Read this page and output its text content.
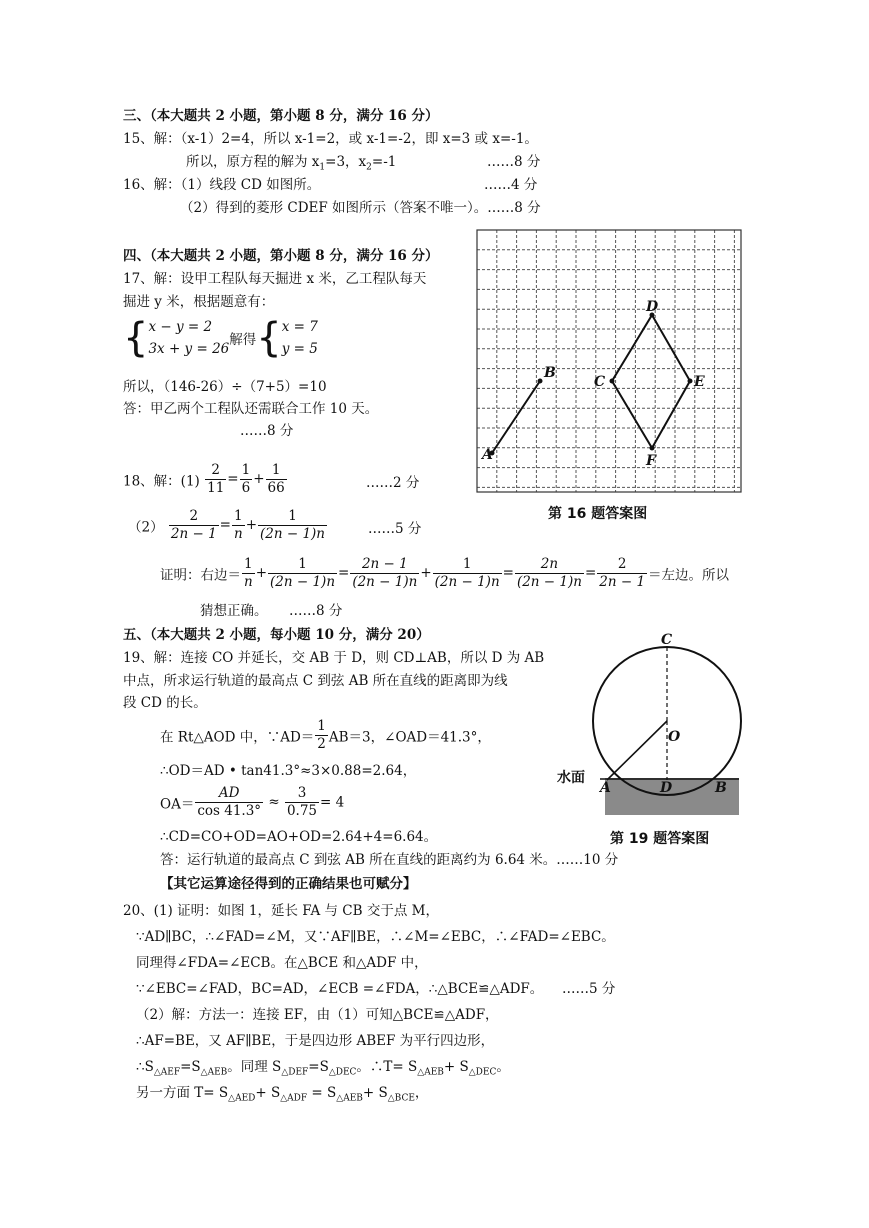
三、（本大题共 2 小题，第小题 8 分，满分 16 分）
15、解：（x-1）2=4，所以 x-1=2，或 x-1=-2，即 x=3 或 x=-1。
所以，原方程的解为 $x_1=3$，$x_2=-1$	……8 分
16、解：（1）线段 CD 如图所。	……4 分
（2）得到的菱形 CDEF 如图所示（答案不唯一）。……8 分
四、（本大题共 2 小题，第小题 8 分，满分 16 分）
17、解：设甲工程队每天掘进 x 米，乙工程队每天
掘进 y 米，根据题意有：
{ x − y = 2
3x + y = 26
解得{ x = 7
y = 5
所以，（146-26）÷（7+5）=10
答：甲乙两个工程队还需联合工作 10 天。
……8 分
18、解：$(1) \frac{2}{11} = \frac{1}{6} + \frac{1}{66}$	……2 分
$(2) \frac{2}{2n - 1} = \frac{1}{n} + \frac{1}{(2n - 1)n}$	……5 分
证明：右边＝ $\frac{1}{n} + \frac{1}{(2n - 1)n} = \frac{2n - 1}{(2n - 1)n} + \frac{1}{(2n - 1)n} = \frac{2n}{(2n - 1)n} = \frac{2}{2n - 1}$ ＝左边。所以
猜想正确。 ……8 分
五、（本大题共 2 小题，每小题 10 分，满分 20）
19、解：连接 CO 并延长，交 AB 于 D，则 CD⊥AB，所以 D 为 AB
中点，所求运行轨道的最高点 C 到弦 AB 所在直线的距离即为线
段 CD 的长。
在 Rt△AOD 中，∵AD＝ $\frac{1}{2} AB=3$，∠OAD＝41.3°，
∴OD＝AD • tan41.3°≈3×0.88=2.64，
$OA= \frac{AD}{\cos 41.3^\circ} \approx \frac{3}{0.75} = 4$
∴CD=CO+OD=AO+OD=2.64+4=6.64。
答：运行轨道的最高点 C 到弦 AB 所在直线的距离约为 6.64 米。……10 分
【其它运算途径得到的正确结果也可赋分】
20、(1) 证明：如图 1，延长 FA 与 CB 交于点 M，
∵AD∥BC，∴∠FAD=∠M，又∵AF∥BE，∴∠M=∠EBC，∴∠FAD=∠EBC。
同理得∠FDA=∠ECB。在△BCE 和△ADF 中，
∵∠EBC=∠FAD，BC=AD，∠ECB =∠FDA，∴△BCE≌△ADF。 ……5 分
（2）解：方法一：连接 EF，由（1）可知△BCE≌△ADF，
∴AF=BE，又 AF∥BE，于是四边形 ABEF 为平行四边形，
$\therefore S_{\triangle AEF}=S_{\triangle AEB}$。同理 $S_{\triangle DEF}=S_{\triangle DEC}$。∴T= $S_{\triangle AEB}+ S_{\triangle DEC}$。
另一方面 $T= S_{\triangle AED}+ S_{\triangle ADF} = S_{\triangle AEB}+ S_{\triangle BCE}$，
A
B
C
D
E
F
第 16 题答案图
C
O
A	D	B
水面
第 19 题答案图
